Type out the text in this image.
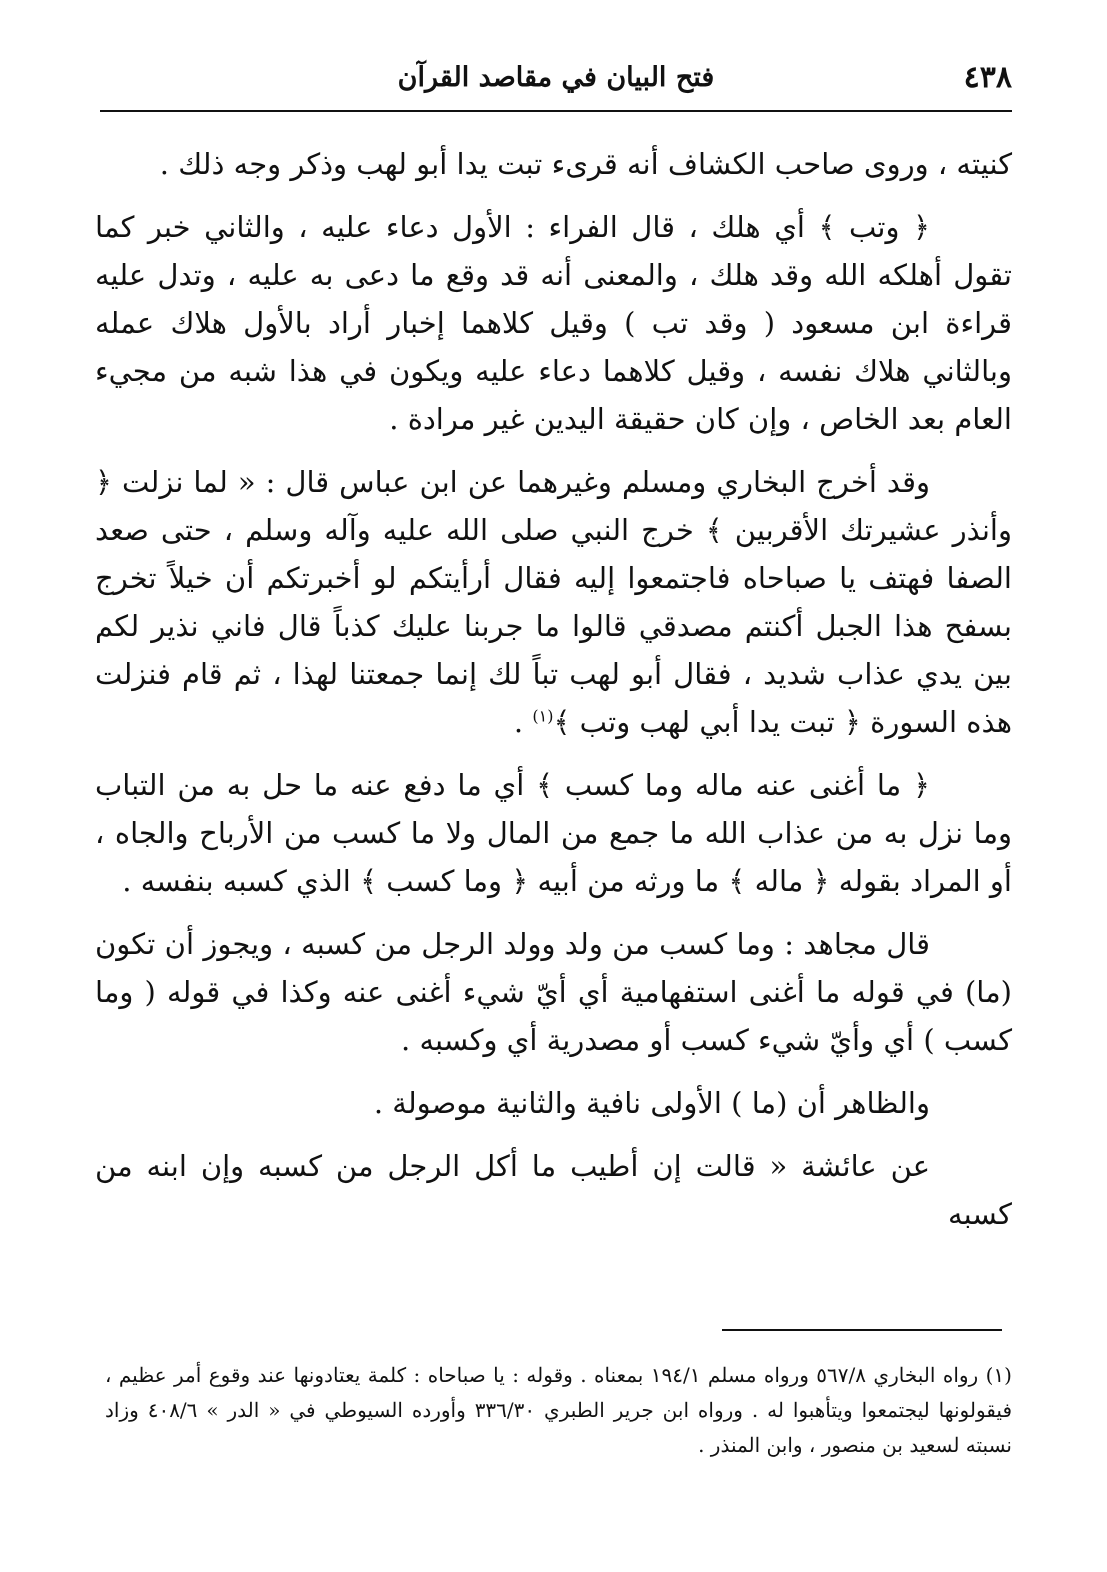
٤٣٨
فتح البيان في مقاصد القرآن

كنيته ، وروى صاحب الكشاف أنه قرىء تبت يدا أبو لهب وذكر وجه ذلك .

﴿ وتب ﴾ أي هلك ، قال الفراء : الأول دعاء عليه ، والثاني خبر كما تقول أهلكه الله وقد هلك ، والمعنى أنه قد وقع ما دعى به عليه ، وتدل عليه قراءة ابن مسعود ( وقد تب ) وقيل كلاهما إخبار أراد بالأول هلاك عمله وبالثاني هلاك نفسه ، وقيل كلاهما دعاء عليه ويكون في هذا شبه من مجيء العام بعد الخاص ، وإن كان حقيقة اليدين غير مرادة .

وقد أخرج البخاري ومسلم وغيرهما عن ابن عباس قال : « لما نزلت ﴿ وأنذر عشيرتك الأقربين ﴾ خرج النبي صلى الله عليه وآله وسلم ، حتى صعد الصفا فهتف يا صباحاه فاجتمعوا إليه فقال أرأيتكم لو أخبرتكم أن خيلاً تخرج بسفح هذا الجبل أكنتم مصدقي قالوا ما جربنا عليك كذباً قال فاني نذير لكم بين يدي عذاب شديد ، فقال أبو لهب تباً لك إنما جمعتنا لهذا ، ثم قام فنزلت هذه السورة ﴿ تبت يدا أبي لهب وتب ﴾$^{(١)}$ .

﴿ ما أغنى عنه ماله وما كسب ﴾ أي ما دفع عنه ما حل به من التباب وما نزل به من عذاب الله ما جمع من المال ولا ما كسب من الأرباح والجاه ، أو المراد بقوله ﴿ ماله ﴾ ما ورثه من أبيه ﴿ وما كسب ﴾ الذي كسبه بنفسه .

قال مجاهد : وما كسب من ولد وولد الرجل من كسبه ، ويجوز أن تكون (ما) في قوله ما أغنى استفهامية أي أيّ شيء أغنى عنه وكذا في قوله ( وما كسب ) أي وأيّ شيء كسب أو مصدرية أي وكسبه .

والظاهر أن (ما ) الأولى نافية والثانية موصولة .

عن عائشة « قالت إن أطيب ما أكل الرجل من كسبه وإن ابنه من كسبه

(١) رواه البخاري ٥٦٧/٨ ورواه مسلم ١٩٤/١ بمعناه . وقوله : يا صباحاه : كلمة يعتادونها عند وقوع أمر عظيم ، فيقولونها ليجتمعوا ويتأهبوا له . ورواه ابن جرير الطبري ٣٣٦/٣٠ وأورده السيوطي في « الدر » ٤٠٨/٦ وزاد نسبته لسعيد بن منصور ، وابن المنذر .
